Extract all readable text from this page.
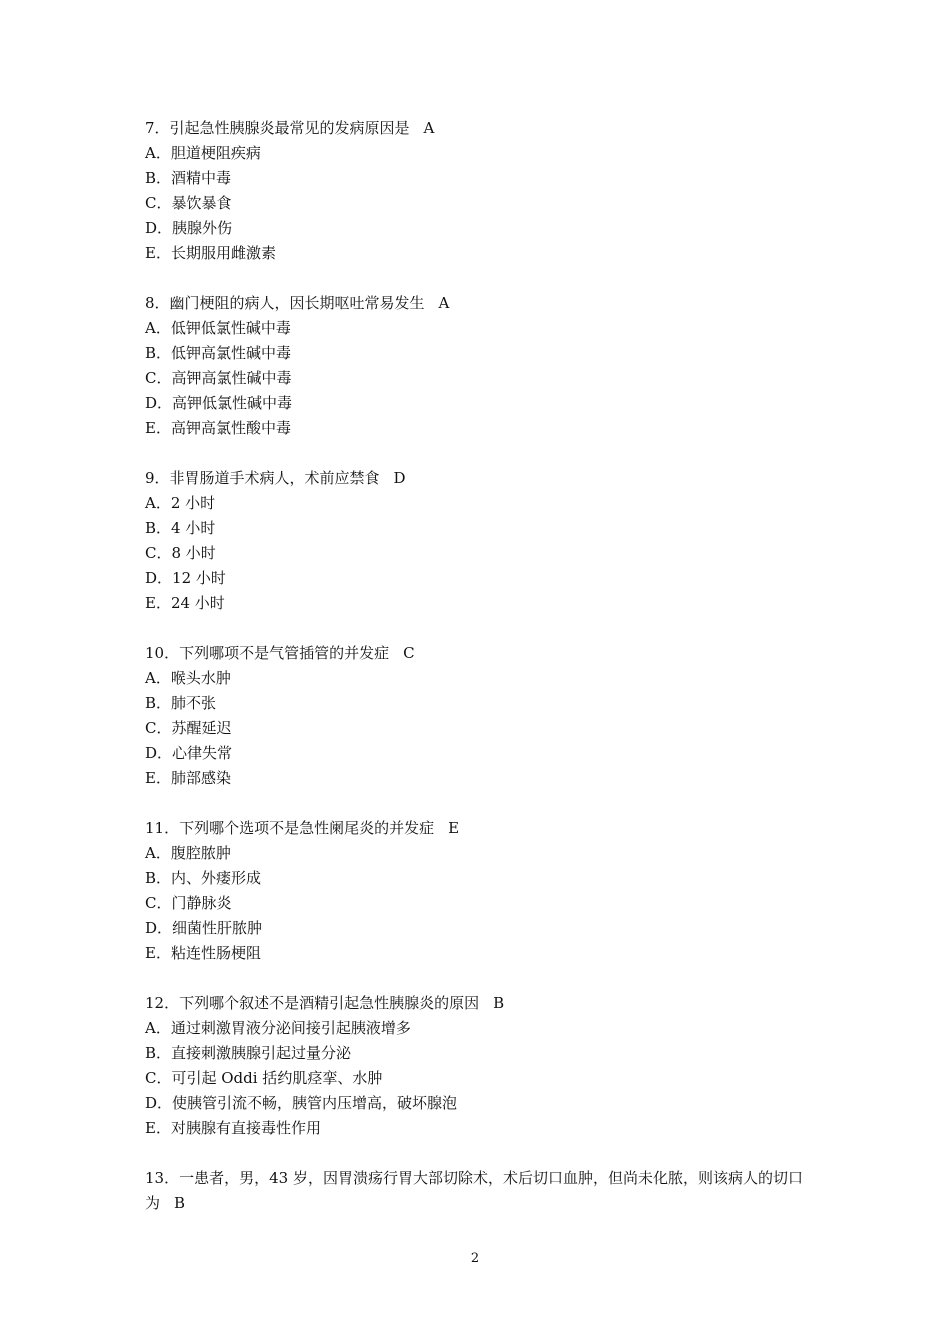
7．引起急性胰腺炎最常见的发病原因是 A
A．胆道梗阻疾病
B．酒精中毒
C．暴饮暴食
D．胰腺外伤
E．长期服用雌激素
8．幽门梗阻的病人，因长期呕吐常易发生 A
A．低钾低氯性碱中毒
B．低钾高氯性碱中毒
C．高钾高氯性碱中毒
D．高钾低氯性碱中毒
E．高钾高氯性酸中毒
9．非胃肠道手术病人，术前应禁食 D
A．2 小时
B．4 小时
C．8 小时
D．12 小时
E．24 小时
10．下列哪项不是气管插管的并发症 C
A．喉头水肿
B．肺不张
C．苏醒延迟
D．心律失常
E．肺部感染
11．下列哪个选项不是急性阑尾炎的并发症 E
A．腹腔脓肿
B．内、外瘘形成
C．门静脉炎
D．细菌性肝脓肿
E．粘连性肠梗阻
12．下列哪个叙述不是酒精引起急性胰腺炎的原因 B
A．通过刺激胃液分泌间接引起胰液增多
B．直接刺激胰腺引起过量分泌
C．可引起 Oddi 括约肌痉挛、水肿
D．使胰管引流不畅，胰管内压增高，破坏腺泡
E．对胰腺有直接毒性作用
13．一患者，男，43 岁，因胃溃疡行胃大部切除术，术后切口血肿，但尚未化脓，则该病人的切口为 B
2
